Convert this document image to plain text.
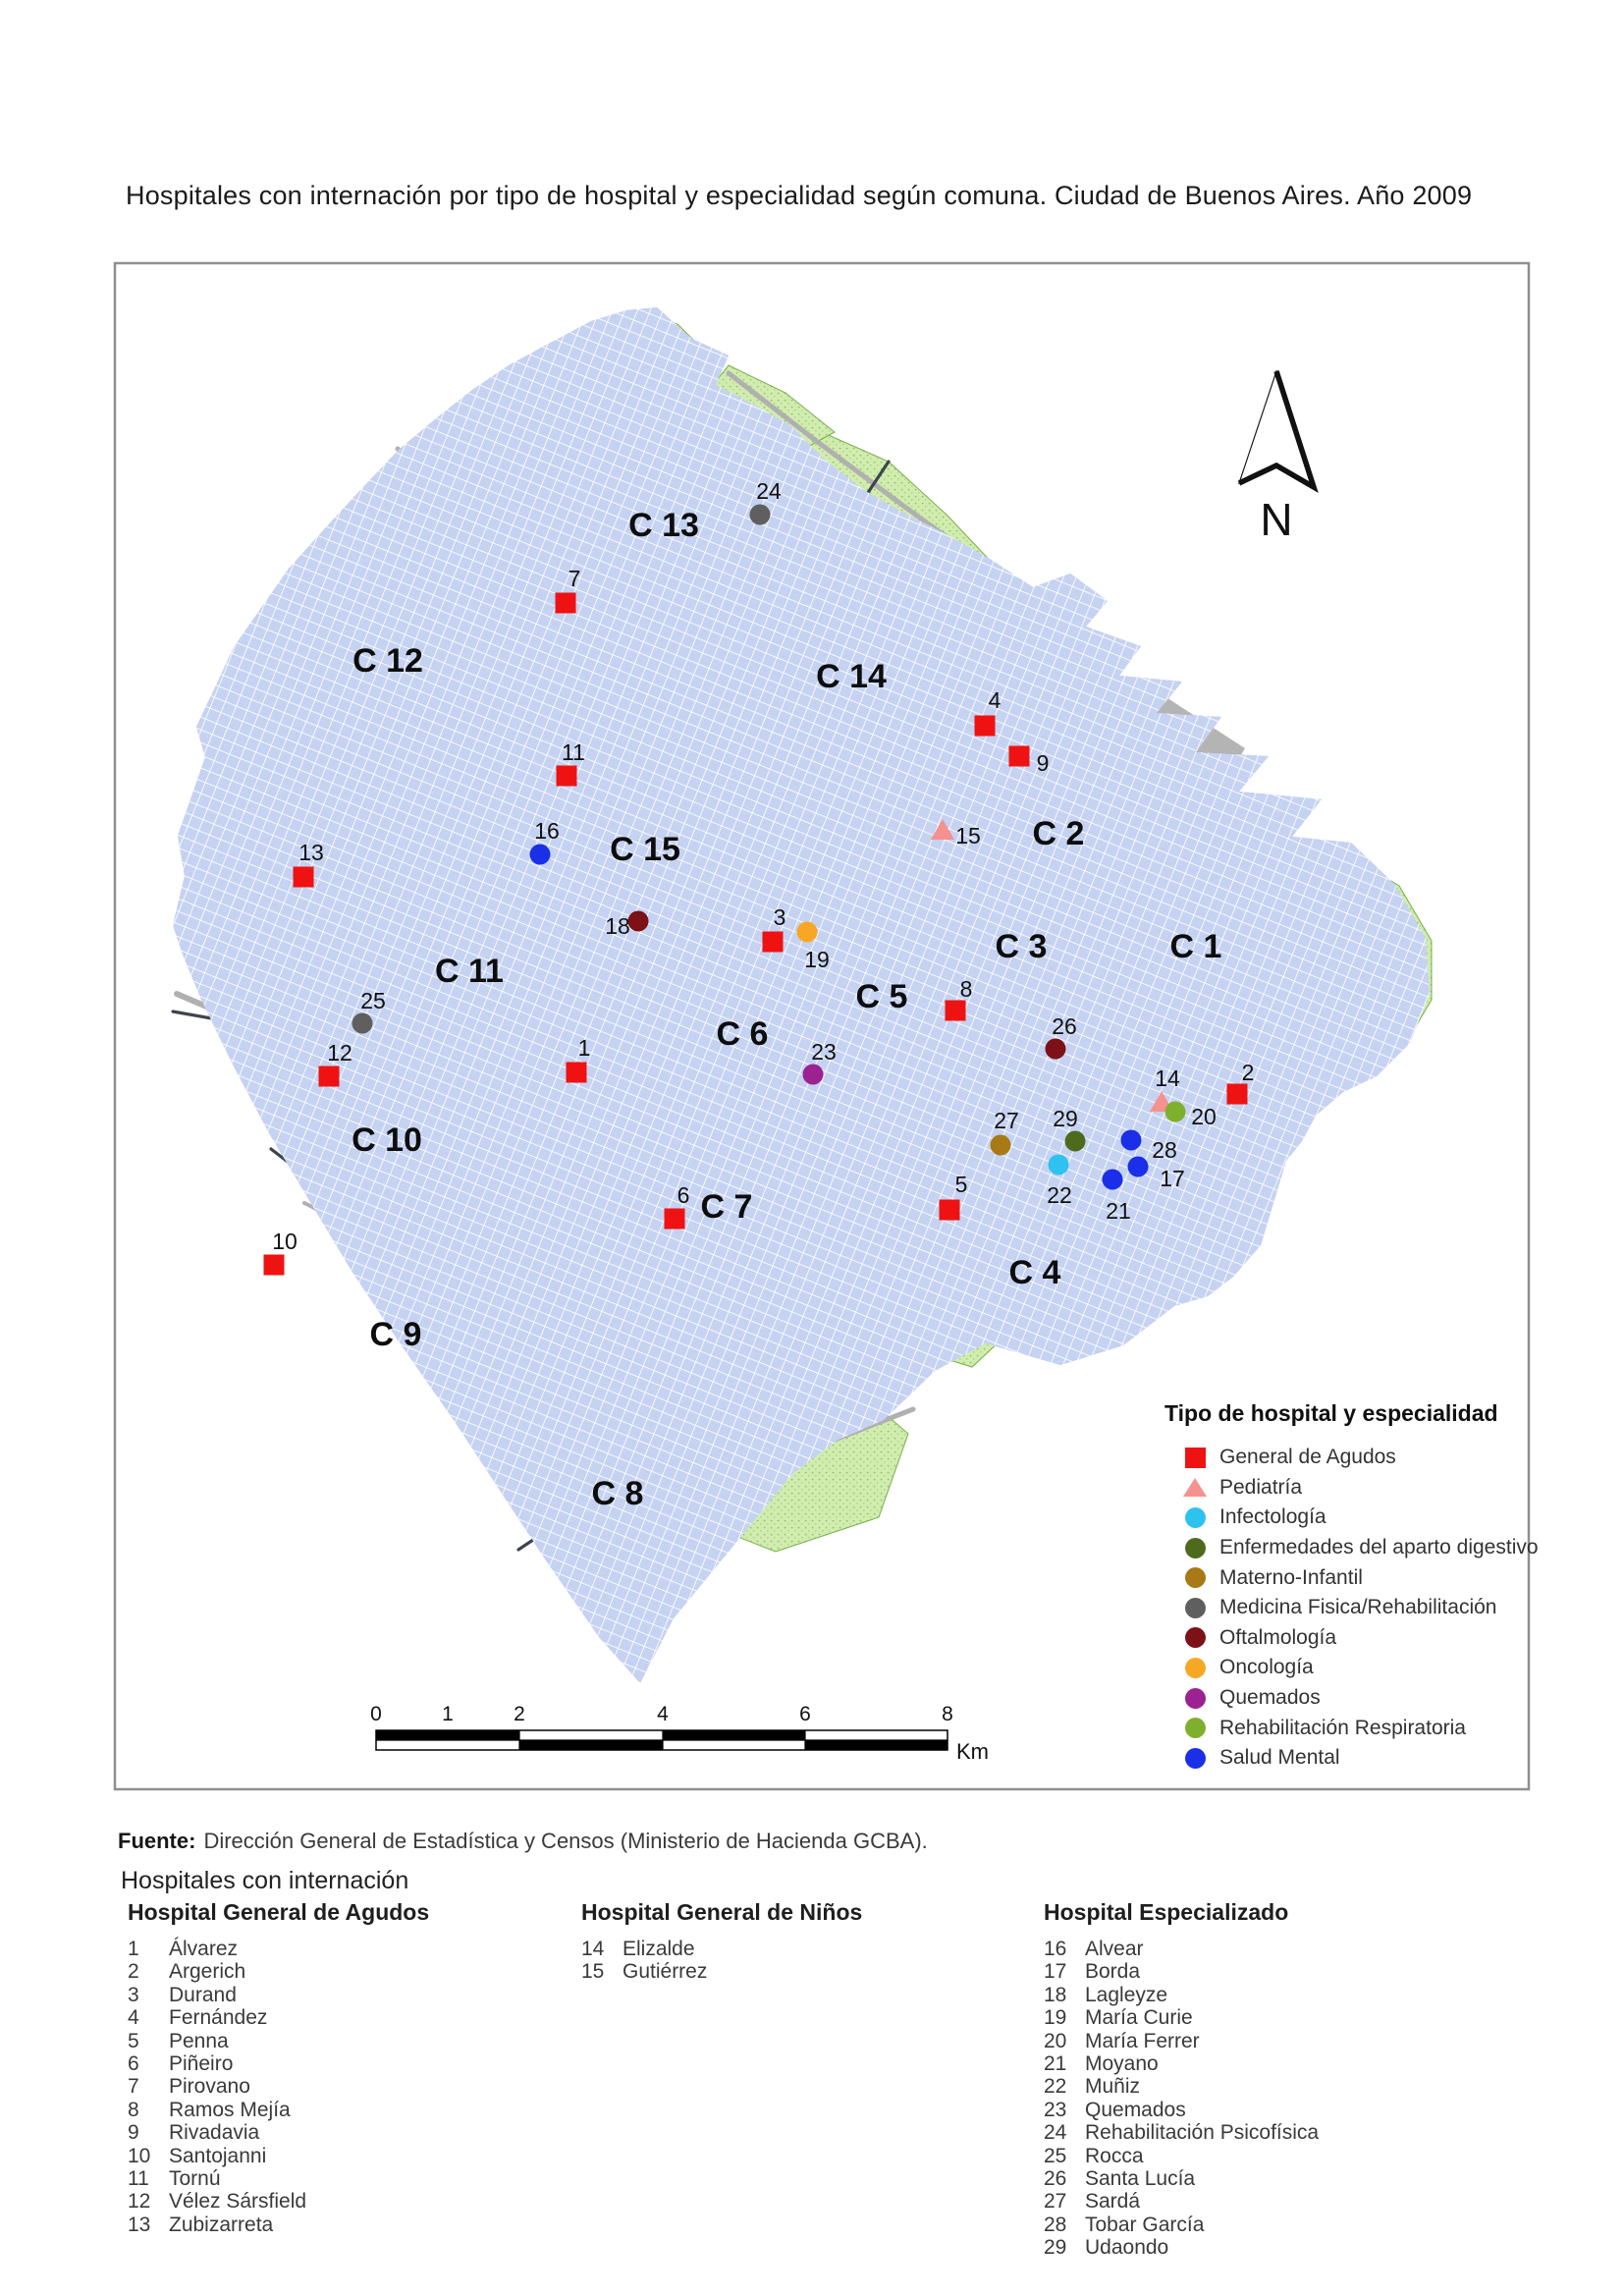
Hospitales con internación por tipo de hospital y especialidad según comuna. Ciudad de Buenos Aires. Año 2009
C 1
C 2
C 3
C 4
C 5
C 6
C 7
C 8
C 9
C 10
C 11
C 12
C 13
C 14
C 15
1
2
3
4
5
6
7
8
9
10
11
12
13
14
15
16
17
18
19
20
21
22
23
24
25
26
27
28
29
N
0	1	2	4	6	8
Km
Tipo de hospital y especialidad
General de Agudos
Pediatría
Infectología
Enfermedades del aparto digestivo
Materno-Infantil
Medicina Fisica/Rehabilitación
Oftalmología
Oncología
Quemados
Rehabilitación Respiratoria
Salud Mental
Fuente: Dirección General de Estadística y Censos (Ministerio de Hacienda GCBA).
Hospitales con internación
Hospital General de Agudos
1	Álvarez
2	Argerich
3	Durand
4	Fernández
5	Penna
6	Piñeiro
7	Pirovano
8	Ramos Mejía
9	Rivadavia
10 Santojanni
11 Tornú
12 Vélez Sársfield
13 Zubizarreta
Hospital General de Niños
14 Elizalde
15 Gutiérrez
Hospital Especializado
16 Alvear
17 Borda
18 Lagleyze
19 María Curie
20 María Ferrer
21 Moyano
22 Muñiz
23 Quemados
24 Rehabilitación Psicofísica
25 Rocca
26 Santa Lucía
27 Sardá
28 Tobar García
29 Udaondo
